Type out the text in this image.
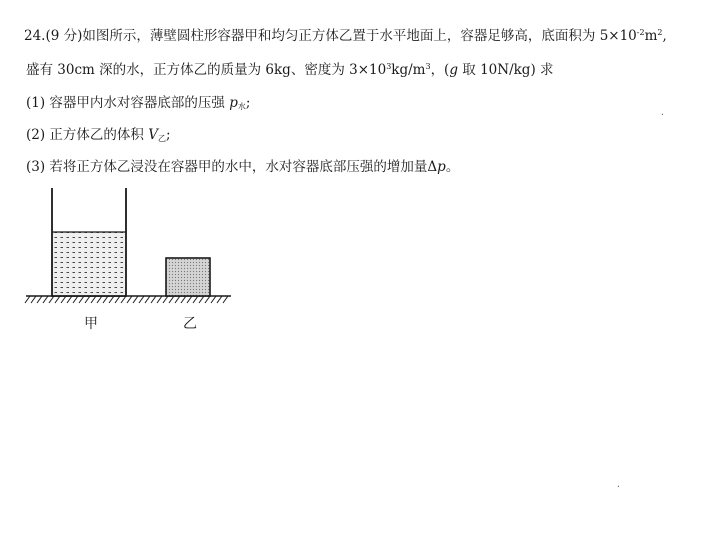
24.(9 分)如图所示，薄壁圆柱形容器甲和均匀正方体乙置于水平地面上，容器足够高，底面积为 $5\times 10^{-2}m^2$,
盛有 30cm 深的水，正方体乙的质量为 6kg、密度为 $3\times 10^3kg/m^3$，(g 取 10N/kg) 求
(1) 容器甲内水对容器底部的压强 $p_水$;
(2) 正方体乙的体积 $V_乙$;
(3) 若将正方体乙浸没在容器甲的水中，水对容器底部压强的增加量Δp。
甲	乙
·
·
